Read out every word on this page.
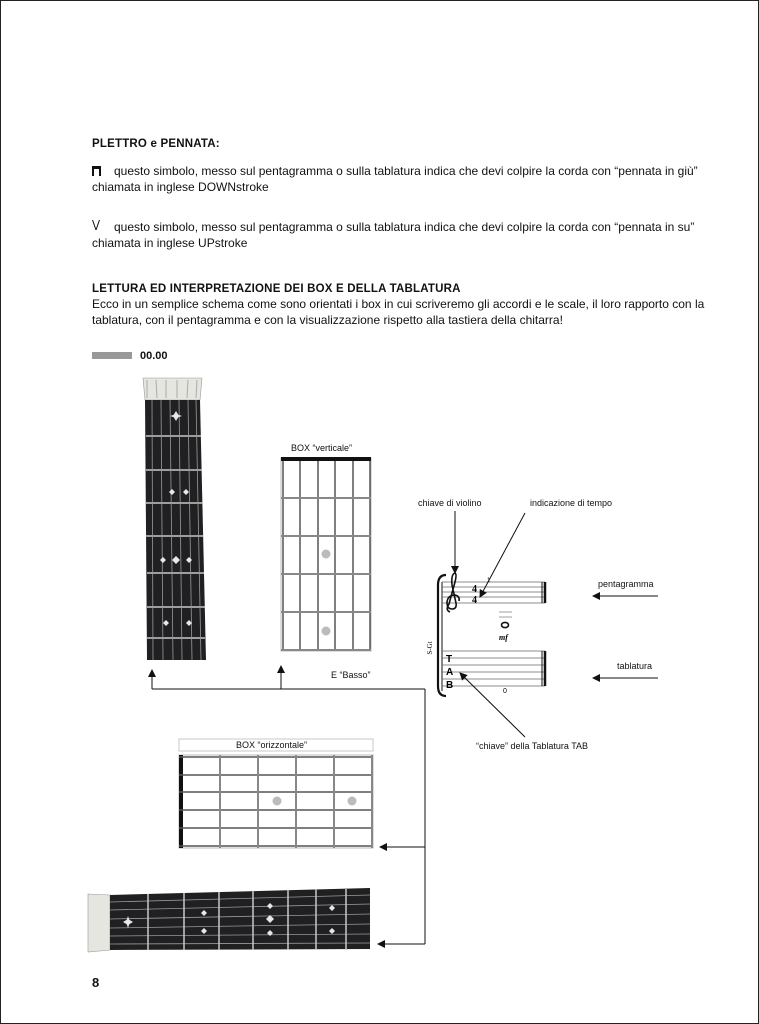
PLETTRO e PENNATA:
questo simbolo, messo sul pentagramma o sulla tablatura indica che devi colpire la corda con “pennata in giù”
chiamata in inglese DOWNstroke
questo simbolo, messo sul pentagramma o sulla tablatura indica che devi colpire la corda con “pennata in su”
chiamata in inglese UPstroke
LETTURA ED INTERPRETAZIONE DEI BOX E DELLA TABLATURA
Ecco in un semplice schema come sono orientati i box in cui scriveremo gli accordi e le scale, il loro rapporto con la
tablatura, con il pentagramma e con la visualizzazione rispetto alla tastiera della chitarra!
00.00
4
4
1
mf
T
A
B
0
S-Gt
BOX “verticale”
BOX “orizzontale”
E “Basso”
chiave di violino	indicazione di tempo
pentagramma
tablatura
“chiave” della Tablatura TAB
8
